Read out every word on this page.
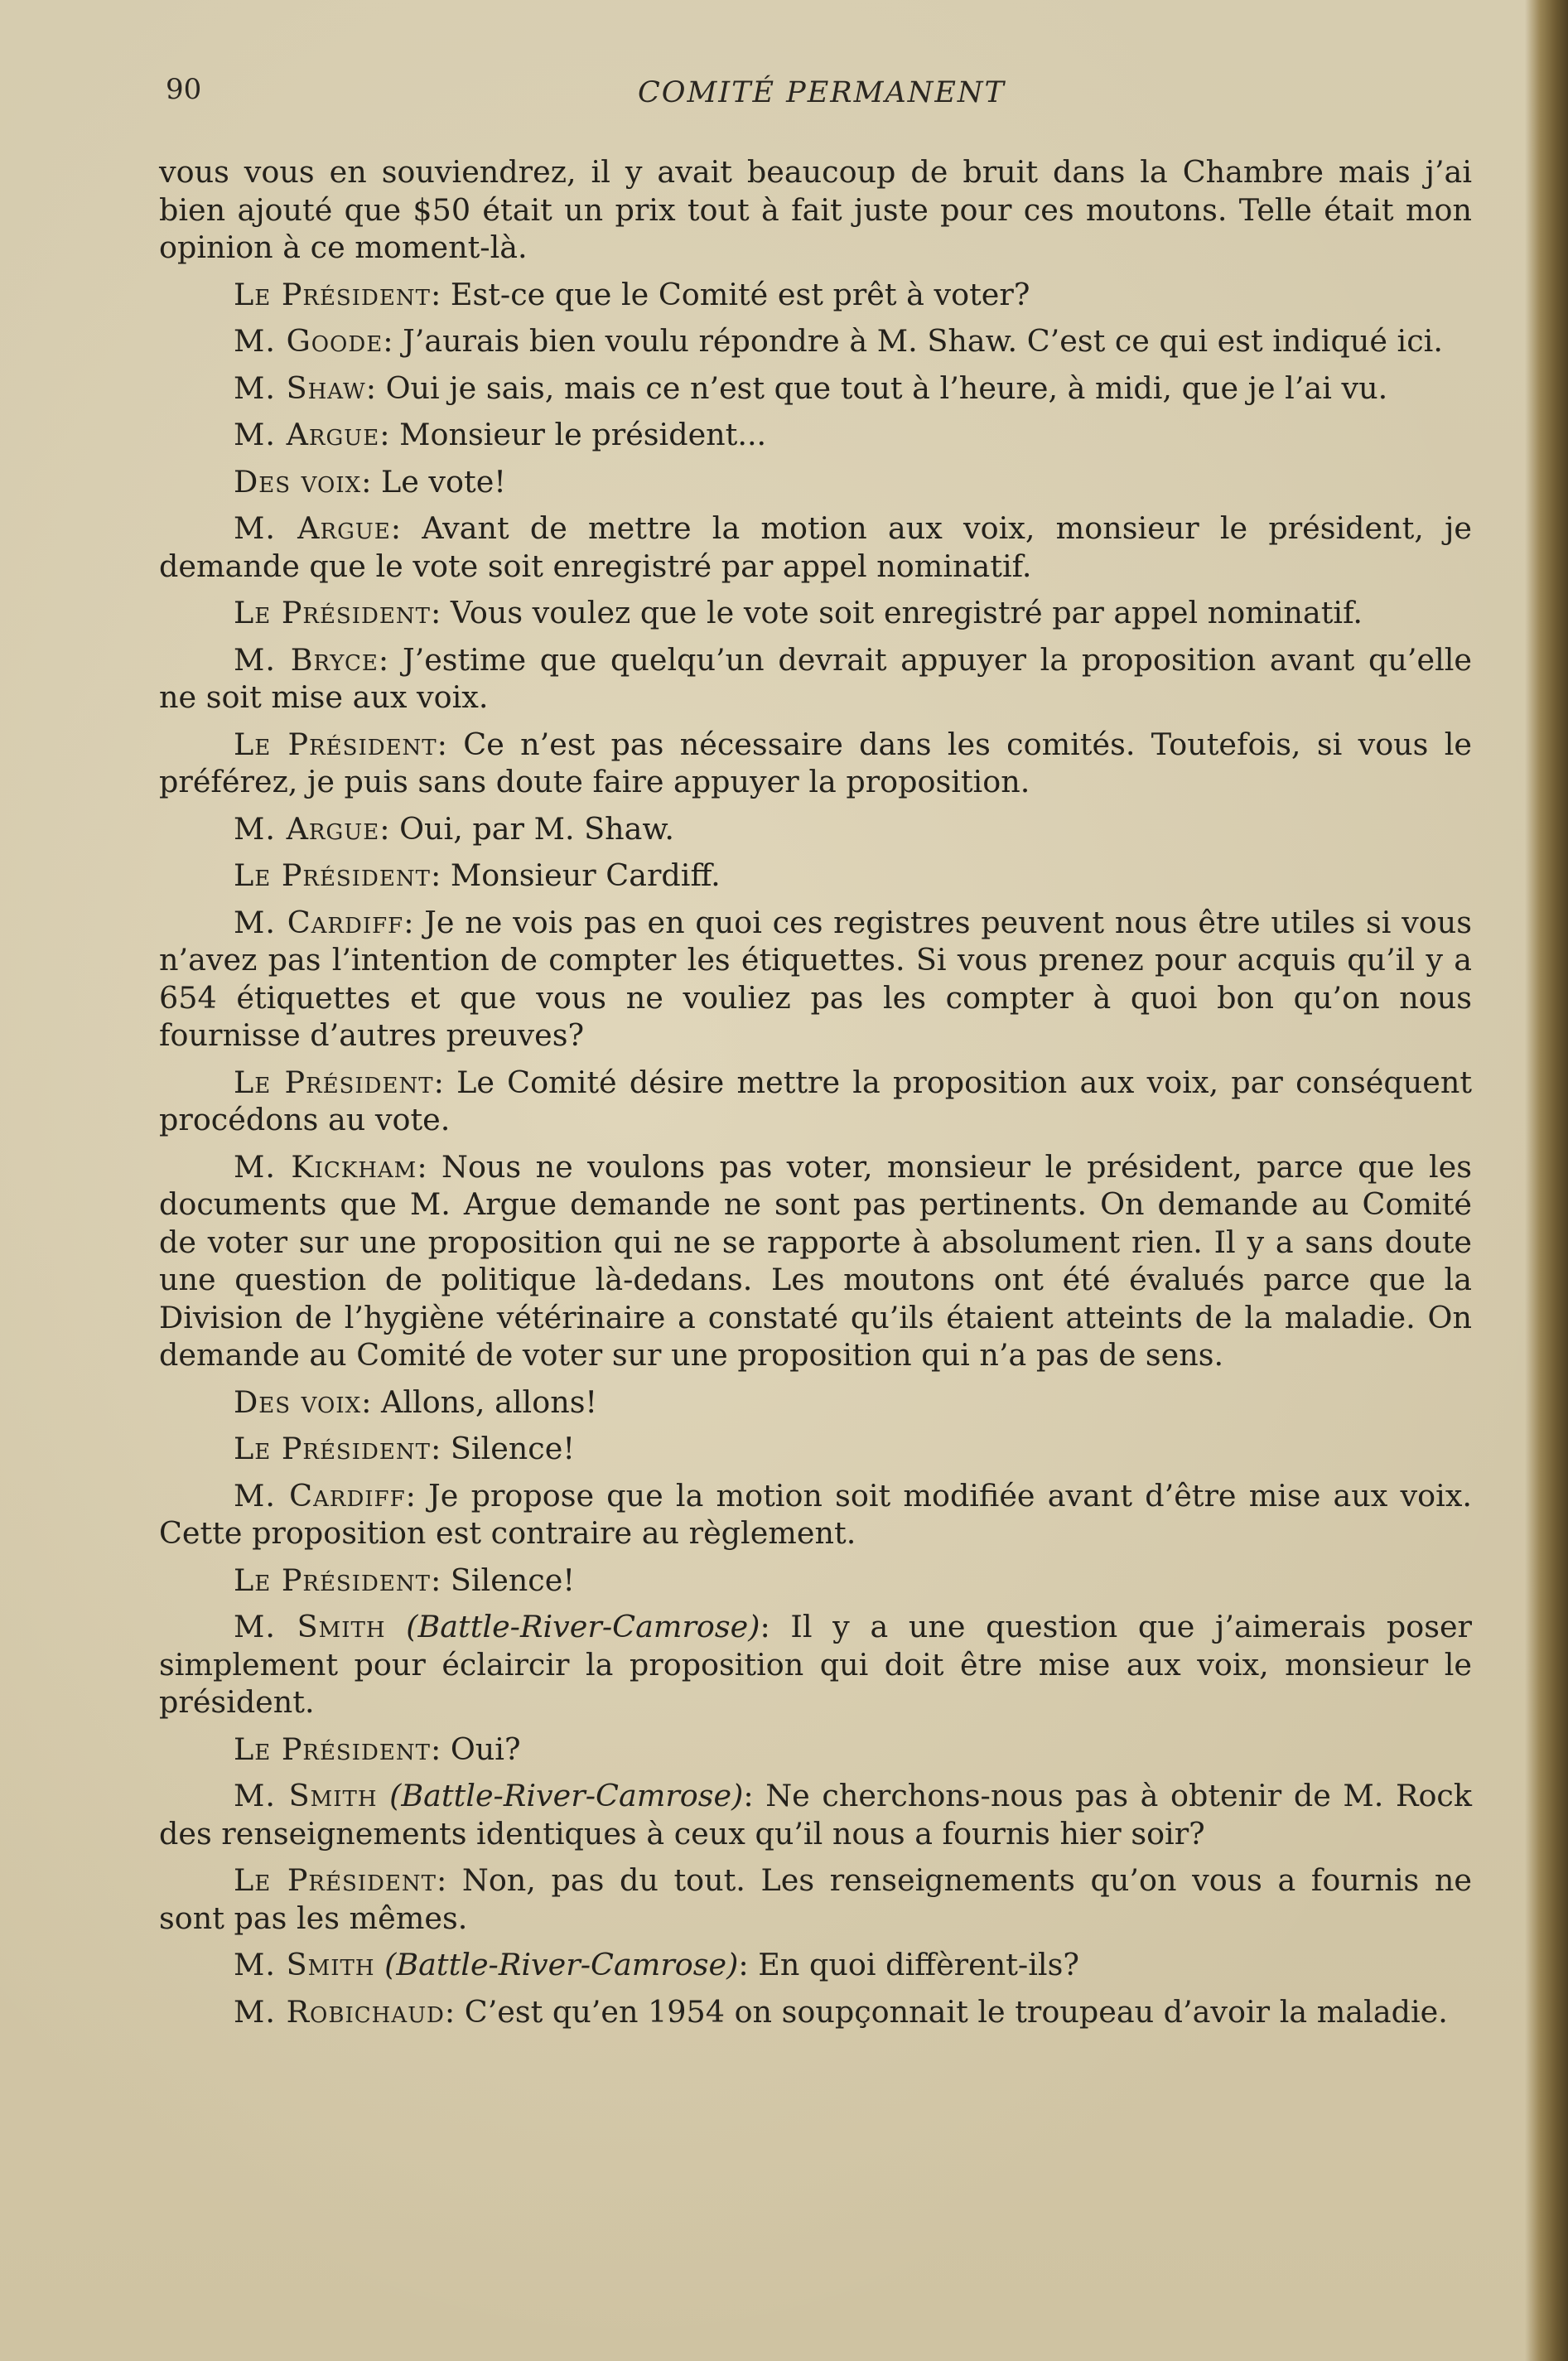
90	COMITÉ PERMANENT

vous vous en souviendrez, il y avait beaucoup de bruit dans la Chambre mais j’ai bien ajouté que $50 était un prix tout à fait juste pour ces moutons. Telle était mon opinion à ce moment-là.

Le Président: Est-ce que le Comité est prêt à voter?

M. Goode: J’aurais bien voulu répondre à M. Shaw. C’est ce qui est indiqué ici.

M. Shaw: Oui je sais, mais ce n’est que tout à l’heure, à midi, que je l’ai vu.

M. Argue: Monsieur le président...

Des voix: Le vote!

M. Argue: Avant de mettre la motion aux voix, monsieur le président, je demande que le vote soit enregistré par appel nominatif.

Le Président: Vous voulez que le vote soit enregistré par appel nominatif.

M. Bryce: J’estime que quelqu’un devrait appuyer la proposition avant qu’elle ne soit mise aux voix.

Le Président: Ce n’est pas nécessaire dans les comités. Toutefois, si vous le préférez, je puis sans doute faire appuyer la proposition.

M. Argue: Oui, par M. Shaw.

Le Président: Monsieur Cardiff.

M. Cardiff: Je ne vois pas en quoi ces registres peuvent nous être utiles si vous n’avez pas l’intention de compter les étiquettes. Si vous prenez pour acquis qu’il y a 654 étiquettes et que vous ne vouliez pas les compter à quoi bon qu’on nous fournisse d’autres preuves?

Le Président: Le Comité désire mettre la proposition aux voix, par conséquent procédons au vote.

M. Kickham: Nous ne voulons pas voter, monsieur le président, parce que les documents que M. Argue demande ne sont pas pertinents. On demande au Comité de voter sur une proposition qui ne se rapporte à absolument rien. Il y a sans doute une question de politique là-dedans. Les moutons ont été évalués parce que la Division de l’hygiène vétérinaire a constaté qu’ils étaient atteints de la maladie. On demande au Comité de voter sur une proposition qui n’a pas de sens.

Des voix: Allons, allons!

Le Président: Silence!

M. Cardiff: Je propose que la motion soit modifiée avant d’être mise aux voix. Cette proposition est contraire au règlement.

Le Président: Silence!

M. Smith (Battle-River-Camrose): Il y a une question que j’aimerais poser simplement pour éclaircir la proposition qui doit être mise aux voix, monsieur le président.

Le Président: Oui?

M. Smith (Battle-River-Camrose): Ne cherchons-nous pas à obtenir de M. Rock des renseignements identiques à ceux qu’il nous a fournis hier soir?

Le Président: Non, pas du tout. Les renseignements qu’on vous a fournis ne sont pas les mêmes.

M. Smith (Battle-River-Camrose): En quoi diffèrent-ils?

M. Robichaud: C’est qu’en 1954 on soupçonnait le troupeau d’avoir la maladie.
